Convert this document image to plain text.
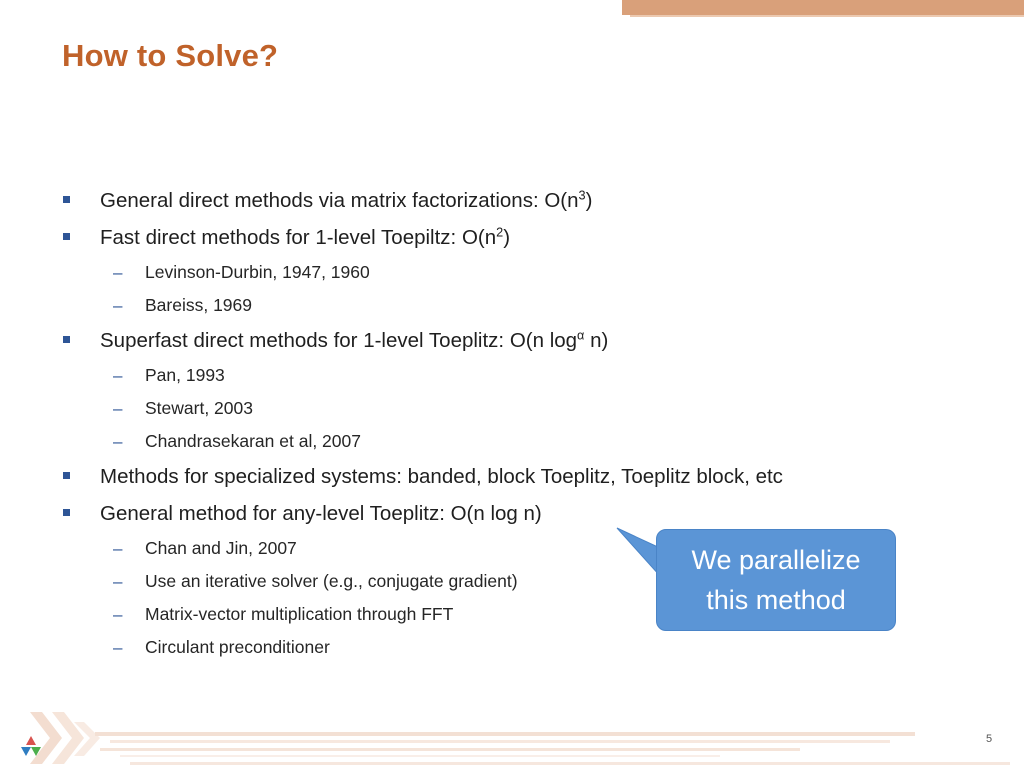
How to Solve?
General direct methods via matrix factorizations: $O(n^3)$
Fast direct methods for 1-level Toepiltz: $O(n^2)$
– Levinson-Durbin, 1947, 1960
– Bareiss, 1969
Superfast direct methods for 1-level Toeplitz: O(n $\log^\alpha n$)
– Pan, 1993
– Stewart, 2003
– Chandrasekaran et al, 2007
Methods for specialized systems: banded, block Toeplitz, Toeplitz block, etc
General method for any-level Toeplitz: O(n log n)
– Chan and Jin, 2007
– Use an iterative solver (e.g., conjugate gradient)
– Matrix-vector multiplication through FFT
– Circulant preconditioner
We parallelize
this method
5
